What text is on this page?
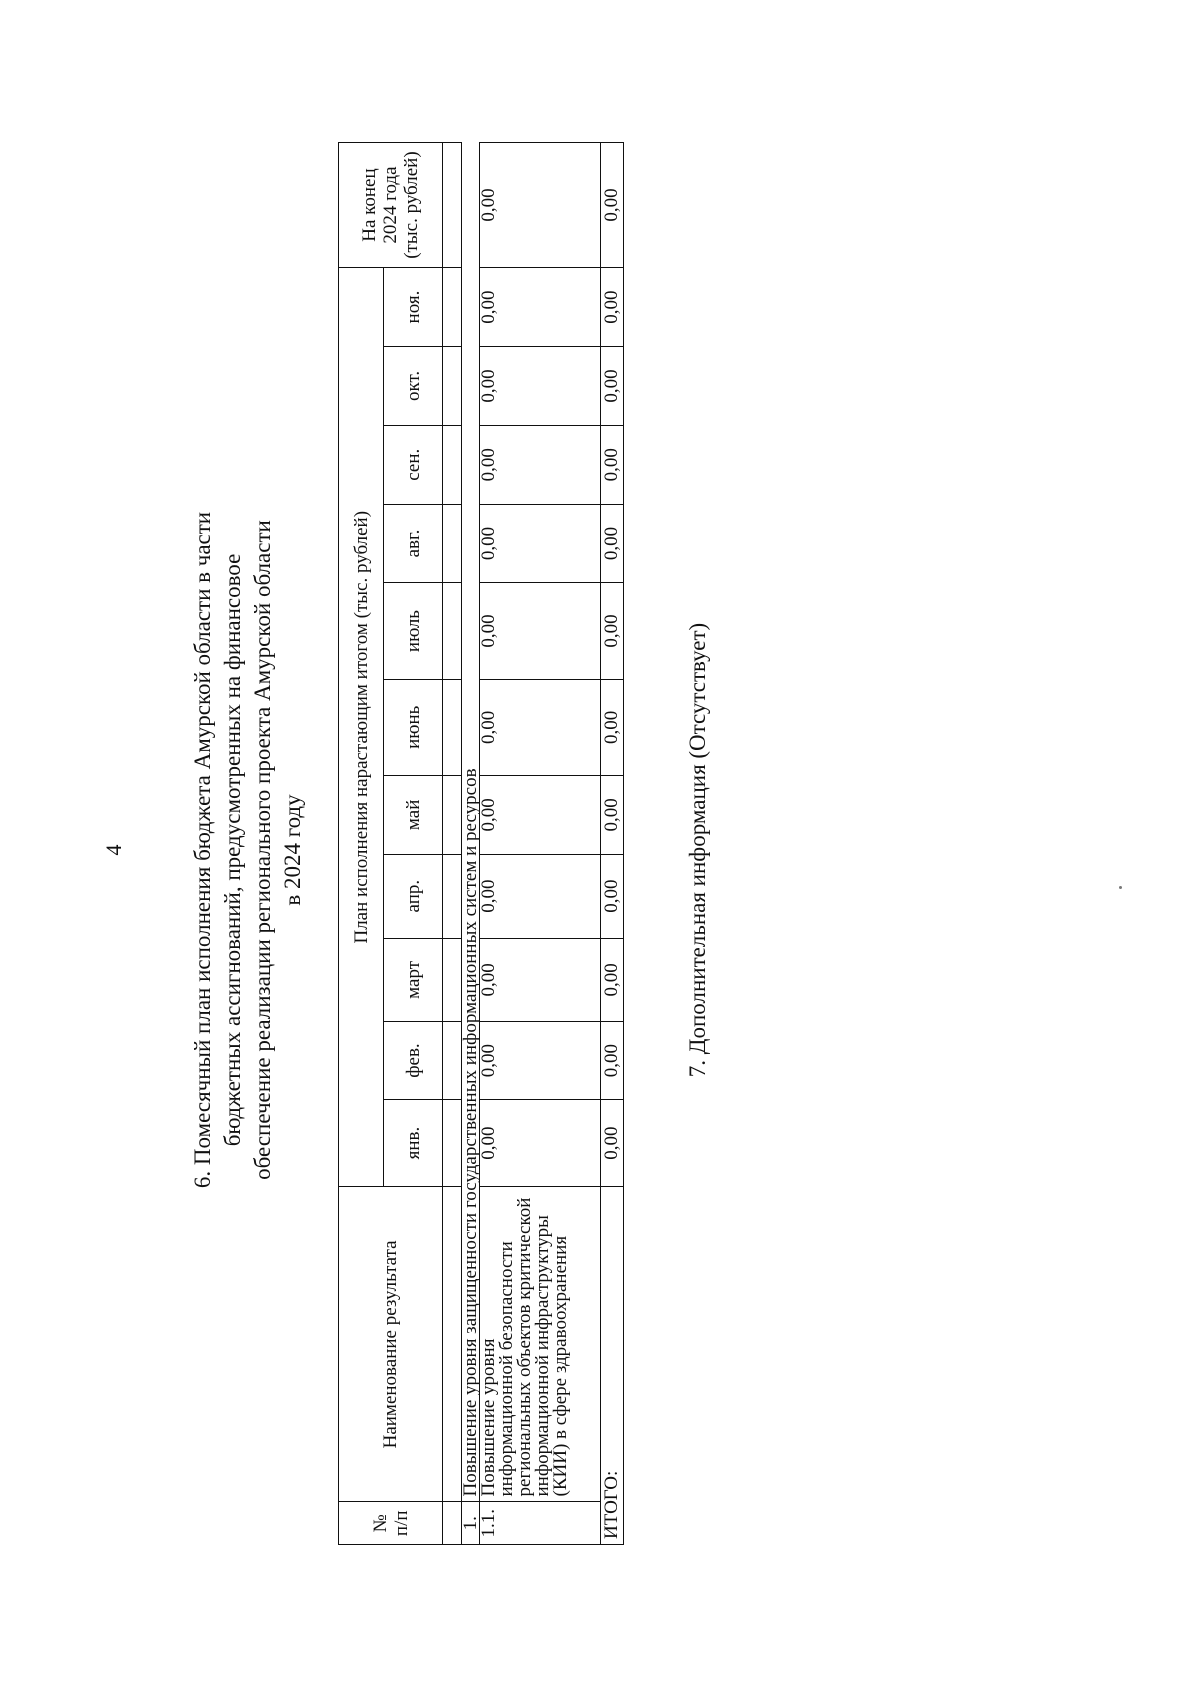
4	6. Помесячный план исполнения бюджета Амурской области в части бюджетных ассигнований, предусмотренных на финансовое обеспечение реализации регионального проекта Амурской области в 2024 году
№ п/п	Наименование результата	План исполнения нарастающим итогом (тыс. рублей)											На конец 2024 года (тыс. рублей)
		янв.	фев.	март	апр.	май	июнь	июль	авг.	сен.	окт.	ноя.	

1.	Повышение уровня защищенности государственных информационных систем и ресурсов												
1.1.	Повышение уровня информационной безопасности региональных объектов критической информационной инфраструктуры (КИИ) в сфере здравоохранения	0,00	0,00	0,00	0,00	0,00	0,00	0,00	0,00	0,00	0,00	0,00	0,00
ИТОГО:		0,00	0,00	0,00	0,00	0,00	0,00	0,00	0,00	0,00	0,00	0,00	0,00
7. Дополнительная информация (Отсутствует)
